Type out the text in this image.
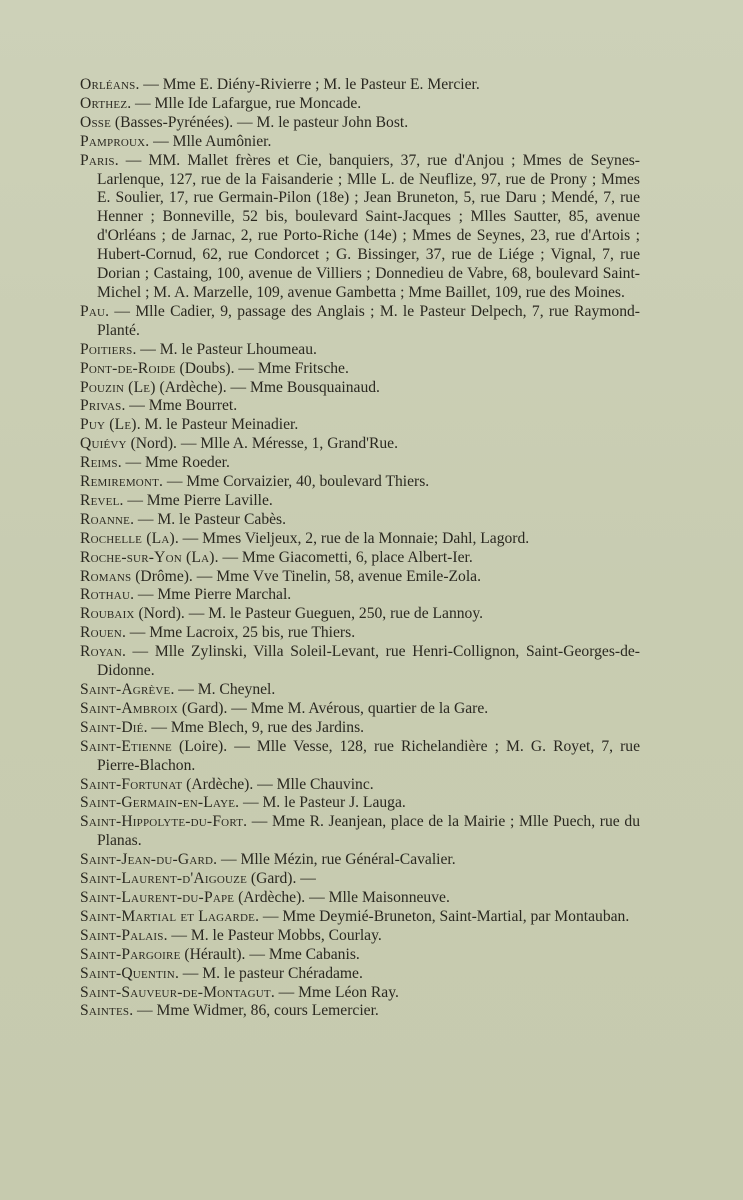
Orléans. — Mme E. Diény-Rivierre ; M. le Pasteur E. Mercier.

Orthez. — Mlle Ide Lafargue, rue Moncade.

Osse (Basses-Pyrénées). — M. le pasteur John Bost.

Pamproux. — Mlle Aumônier.

Paris. — MM. Mallet frères et Cie, banquiers, 37, rue d'Anjou ; Mmes de Seynes-Larlenque, 127, rue de la Faisanderie ; Mlle L. de Neuflize, 97, rue de Prony ; Mmes E. Soulier, 17, rue Germain-Pilon (18e) ; Jean Bruneton, 5, rue Daru ; Mendé, 7, rue Henner ; Bonneville, 52 bis, boulevard Saint-Jacques ; Mlles Sautter, 85, avenue d'Orléans ; de Jarnac, 2, rue Porto-Riche (14e) ; Mmes de Seynes, 23, rue d'Artois ; Hubert-Cornud, 62, rue Condorcet ; G. Bissinger, 37, rue de Liége ; Vignal, 7, rue Dorian ; Castaing, 100, avenue de Villiers ; Donnedieu de Vabre, 68, boulevard Saint-Michel ; M. A. Marzelle, 109, avenue Gambetta ; Mme Baillet, 109, rue des Moines.

Pau. — Mlle Cadier, 9, passage des Anglais ; M. le Pasteur Delpech, 7, rue Raymond-Planté.

Poitiers. — M. le Pasteur Lhoumeau.

Pont-de-Roide (Doubs). — Mme Fritsche.

Pouzin (Le) (Ardèche). — Mme Bousquainaud.

Privas. — Mme Bourret.

Puy (Le). M. le Pasteur Meinadier.

Quiévy (Nord). — Mlle A. Méresse, 1, Grand'Rue.

Reims. — Mme Roeder.

Remiremont. — Mme Corvaizier, 40, boulevard Thiers.

Revel. — Mme Pierre Laville.

Roanne. — M. le Pasteur Cabès.

Rochelle (La). — Mmes Vieljeux, 2, rue de la Monnaie; Dahl, Lagord.

Roche-sur-Yon (La). — Mme Giacometti, 6, place Albert-Ier.

Romans (Drôme). — Mme Vve Tinelin, 58, avenue Emile-Zola.

Rothau. — Mme Pierre Marchal.

Roubaix (Nord). — M. le Pasteur Gueguen, 250, rue de Lannoy.

Rouen. — Mme Lacroix, 25 bis, rue Thiers.

Royan. — Mlle Zylinski, Villa Soleil-Levant, rue Henri-Collignon, Saint-Georges-de-Didonne.

Saint-Agrève. — M. Cheynel.

Saint-Ambroix (Gard). — Mme M. Avérous, quartier de la Gare.

Saint-Dié. — Mme Blech, 9, rue des Jardins.

Saint-Etienne (Loire). — Mlle Vesse, 128, rue Richelandière ; M. G. Royet, 7, rue Pierre-Blachon.

Saint-Fortunat (Ardèche). — Mlle Chauvinc.

Saint-Germain-en-Laye. — M. le Pasteur J. Lauga.

Saint-Hippolyte-du-Fort. — Mme R. Jeanjean, place de la Mairie ; Mlle Puech, rue du Planas.

Saint-Jean-du-Gard. — Mlle Mézin, rue Général-Cavalier.

Saint-Laurent-d'Aigouze (Gard). —

Saint-Laurent-du-Pape (Ardèche). — Mlle Maisonneuve.

Saint-Martial et Lagarde. — Mme Deymié-Bruneton, Saint-Martial, par Montauban.

Saint-Palais. — M. le Pasteur Mobbs, Courlay.

Saint-Pargoire (Hérault). — Mme Cabanis.

Saint-Quentin. — M. le pasteur Chéradame.

Saint-Sauveur-de-Montagut. — Mme Léon Ray.

Saintes. — Mme Widmer, 86, cours Lemercier.
